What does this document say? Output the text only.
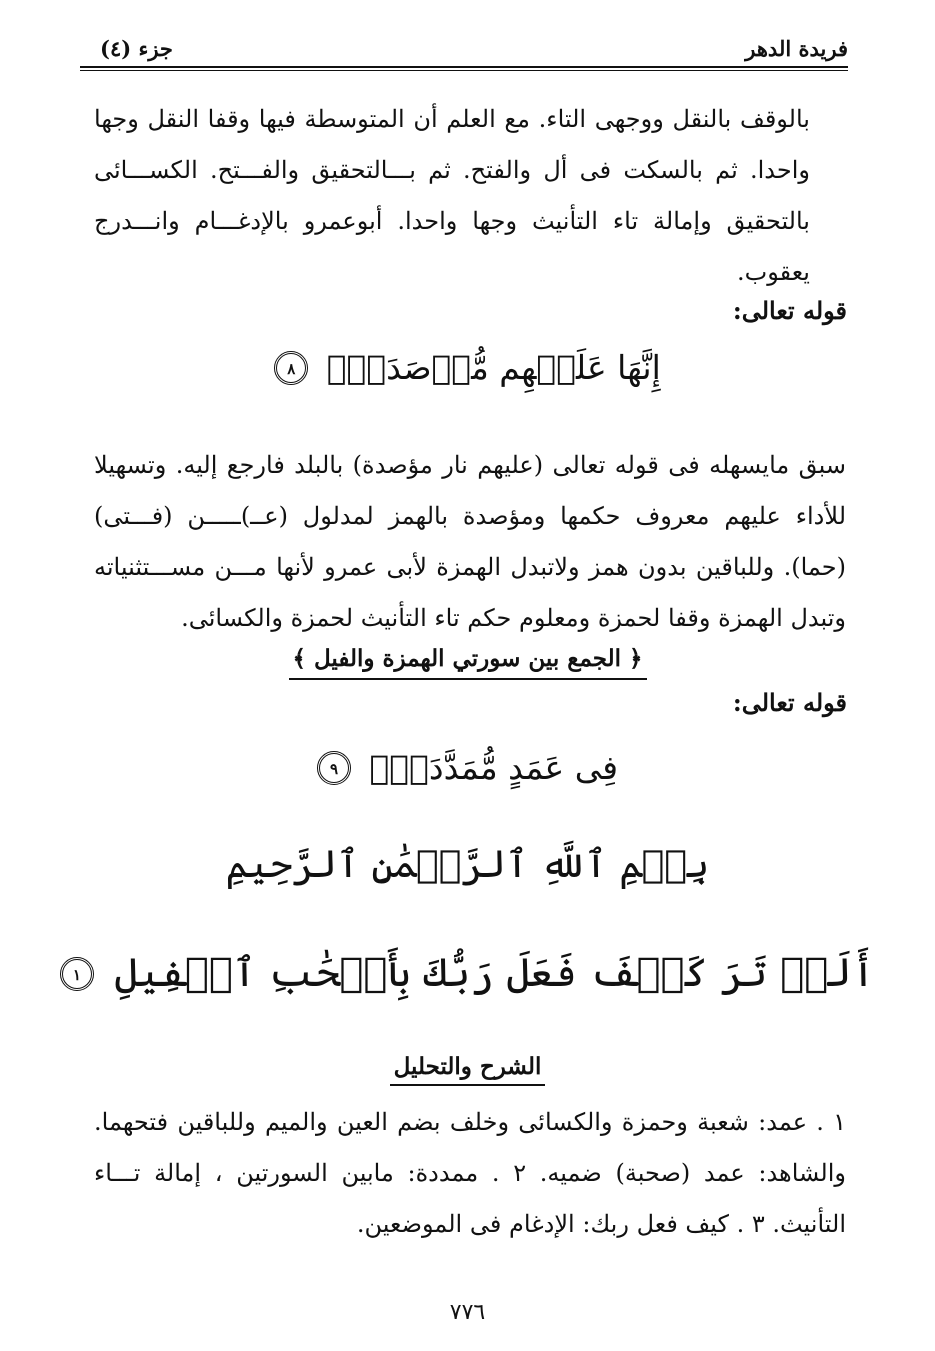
فريدة الدهر
جزء (٤)

بالوقف بالنقل ووجهى التاء. مع العلم أن المتوسطة فيها وقفا النقل وجها واحدا. ثم بالسكت فى أل والفتح. ثم بـــالتحقيق والفـــتح. الكســـائى بالتحقيق وإمالة تاء التأنيث وجها واحدا. أبوعمرو بالإدغـــام وانـــدرج يعقوب.

قوله تعالى:
إِنَّهَا عَلَيۡهِم مُّؤۡصَدَةُۢ ٨

سبق مايسهله فى قوله تعالى (عليهم نار مؤصدة) بالبلد فارجع إليه. وتسهيلا للأداء عليهم معروف حكمها ومؤصدة بالهمز لمدلول (عــ)ـــــن (فـــتى) (حما). وللباقين بدون همز ولاتبدل الهمزة لأبى عمرو لأنها مـــن مســـتثنياته وتبدل الهمزة وقفا لحمزة ومعلوم حكم تاء التأنيث لحمزة والكسائى.

﴿ الجمع بين سورتي الهمزة والفيل ﴾
قوله تعالى:
فِى عَمَدٍ مُّمَدَّدَةِۭ ٩
بِسۡمِ ٱللَّهِ ٱلرَّحۡمَٰنِ ٱلرَّحِيمِ
أَلَمۡ تَرَ كَيۡفَ فَعَلَ رَبُّكَ بِأَصۡحَٰبِ ٱلۡفِيلِ ١
الشرح والتحليل

١ . عمد: شعبة وحمزة والكسائى وخلف بضم العين والميم وللباقين فتحهما. والشاهد: عمد (صحبة) ضميه. ٢ . ممددة: مابين السورتين ، إمالة تـــاء التأنيث. ٣ . كيف فعل ربك: الإدغام فى الموضعين.

٧٧٦
